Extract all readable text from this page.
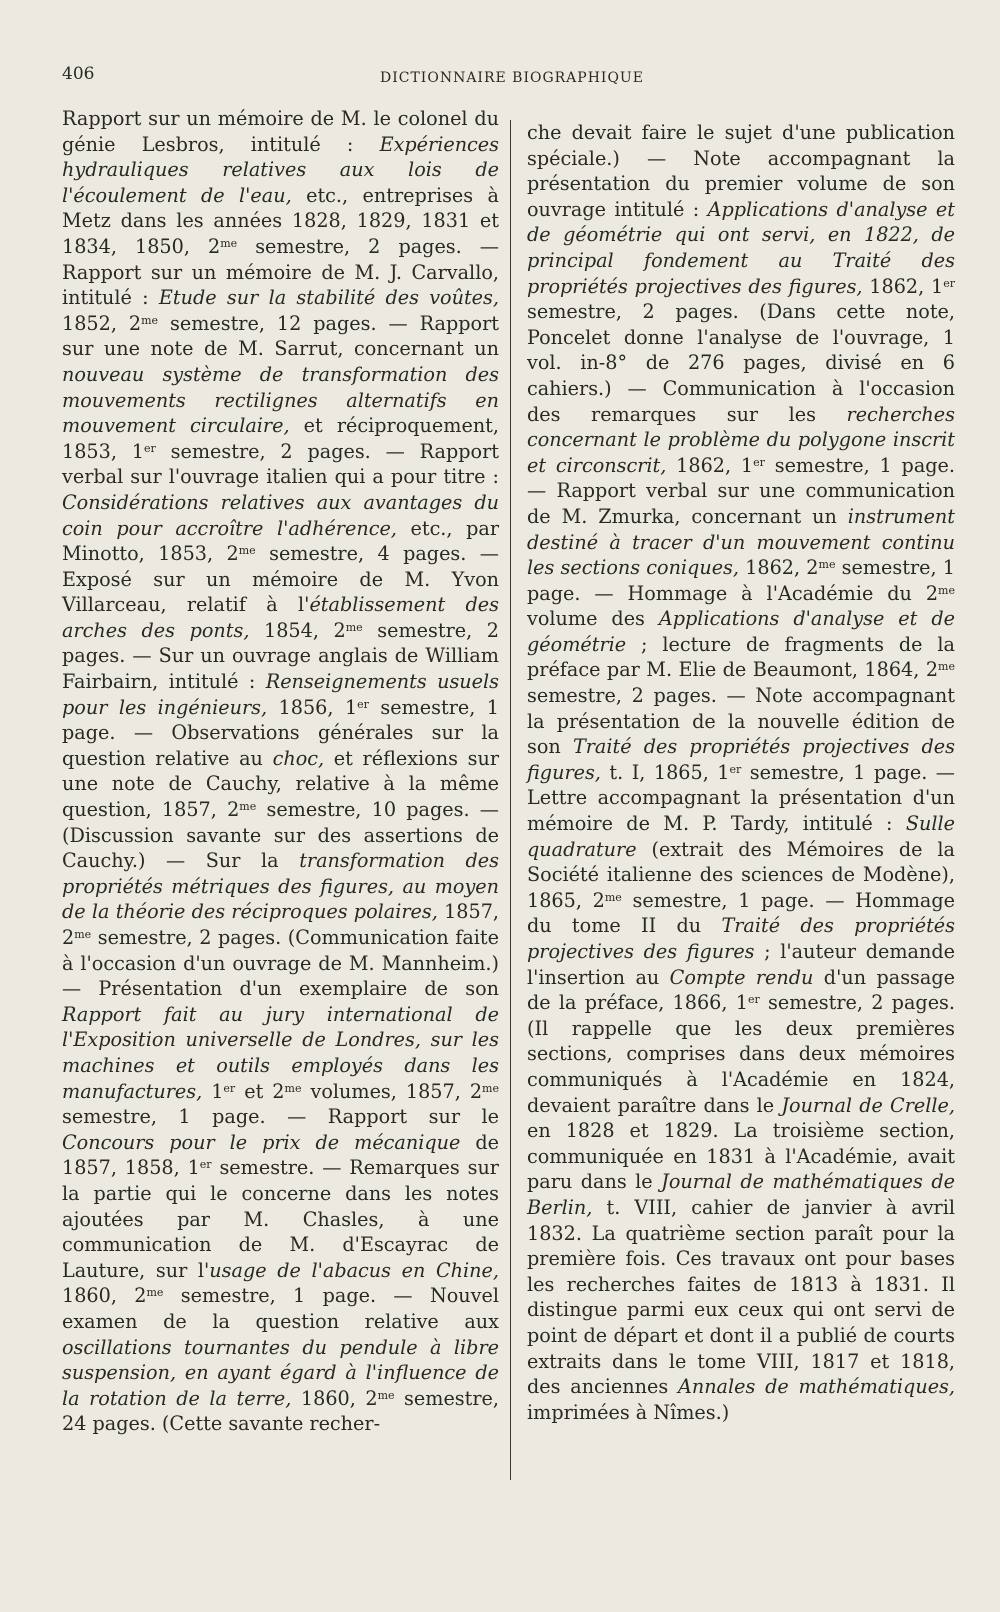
406	DICTIONNAIRE BIOGRAPHIQUE
Rapport sur un mémoire de M. le colonel du génie Lesbros, intitulé : Expériences hydrauliques relatives aux lois de l'écoulement de l'eau, etc., entreprises à Metz dans les années 1828, 1829, 1831 et 1834, 1850, $2^{me}$ semestre, 2 pages. — Rapport sur un mémoire de M. J. Carvallo, intitulé : Etude sur la stabilité des voûtes, 1852, $2^{me}$ semestre, 12 pages. — Rapport sur une note de M. Sarrut, concernant un nouveau système de transformation des mouvements rectilignes alternatifs en mouvement circulaire, et réciproquement, 1853, 1er semestre, 2 pages. — Rapport verbal sur l'ouvrage italien qui a pour titre : Considérations relatives aux avantages du coin pour accroître l'adhérence, etc., par Minotto, 1853, $2^{me}$ semestre, 4 pages. — Exposé sur un mémoire de M. Yvon Villarceau, relatif à l'établissement des arches des ponts, 1854, $2^{me}$ semestre, 2 pages. — Sur un ouvrage anglais de William Fairbairn, intitulé : Renseignements usuels pour les ingénieurs, 1856, 1er semestre, 1 page. — Observations générales sur la question relative au choc, et réflexions sur une note de Cauchy, relative à la même question, 1857, $2^{me}$ semestre, 10 pages. — (Discussion savante sur des assertions de Cauchy.) — Sur la transformation des propriétés métriques des figures, au moyen de la théorie des réciproques polaires, 1857, $2^{me}$ semestre, 2 pages. (Communication faite à l'occasion d'un ouvrage de M. Mannheim.) — Présentation d'un exemplaire de son Rapport fait au jury international de l'Exposition universelle de Londres, sur les machines et outils employés dans les manufactures, 1er et $2^{me}$ volumes, 1857, $2^{me}$ semestre, 1 page. — Rapport sur le Concours pour le prix de mécanique de 1857, 1858, 1er semestre. — Remarques sur la partie qui le concerne dans les notes ajoutées par M. Chasles, à une communication de M. d'Escayrac de Lauture, sur l'usage de l'abacus en Chine, 1860, $2^{me}$ semestre, 1 page. — Nouvel examen de la question relative aux oscillations tournantes du pendule à libre suspension, en ayant égard à l'influence de la rotation de la terre, 1860, $2^{me}$ semestre, 24 pages. (Cette savante recher-
che devait faire le sujet d'une publication spéciale.) — Note accompagnant la présentation du premier volume de son ouvrage intitulé : Applications d'analyse et de géométrie qui ont servi, en 1822, de principal fondement au Traité des propriétés projectives des figures, 1862, 1er semestre, 2 pages. (Dans cette note, Poncelet donne l'analyse de l'ouvrage, 1 vol. in-8° de 276 pages, divisé en 6 cahiers.) — Communication à l'occasion des remarques sur les recherches concernant le problème du polygone inscrit et circonscrit, 1862, 1er semestre, 1 page. — Rapport verbal sur une communication de M. Zmurka, concernant un instrument destiné à tracer d'un mouvement continu les sections coniques, 1862, $2^{me}$ semestre, 1 page. — Hommage à l'Académie du $2^{me}$ volume des Applications d'analyse et de géométrie ; lecture de fragments de la préface par M. Elie de Beaumont, 1864, $2^{me}$ semestre, 2 pages. — Note accompagnant la présentation de la nouvelle édition de son Traité des propriétés projectives des figures, t. I, 1865, 1er semestre, 1 page. — Lettre accompagnant la présentation d'un mémoire de M. P. Tardy, intitulé : Sulle quadrature (extrait des Mémoires de la Société italienne des sciences de Modène), 1865, $2^{me}$ semestre, 1 page. — Hommage du tome II du Traité des propriétés projectives des figures ; l'auteur demande l'insertion au Compte rendu d'un passage de la préface, 1866, 1er semestre, 2 pages. (Il rappelle que les deux premières sections, comprises dans deux mémoires communiqués à l'Académie en 1824, devaient paraître dans le Journal de Crelle, en 1828 et 1829. La troisième section, communiquée en 1831 à l'Académie, avait paru dans le Journal de mathématiques de Berlin, t. VIII, cahier de janvier à avril 1832. La quatrième section paraît pour la première fois. Ces travaux ont pour bases les recherches faites de 1813 à 1831. Il distingue parmi eux ceux qui ont servi de point de départ et dont il a publié de courts extraits dans le tome VIII, 1817 et 1818, des anciennes Annales de mathématiques, imprimées à Nîmes.)
